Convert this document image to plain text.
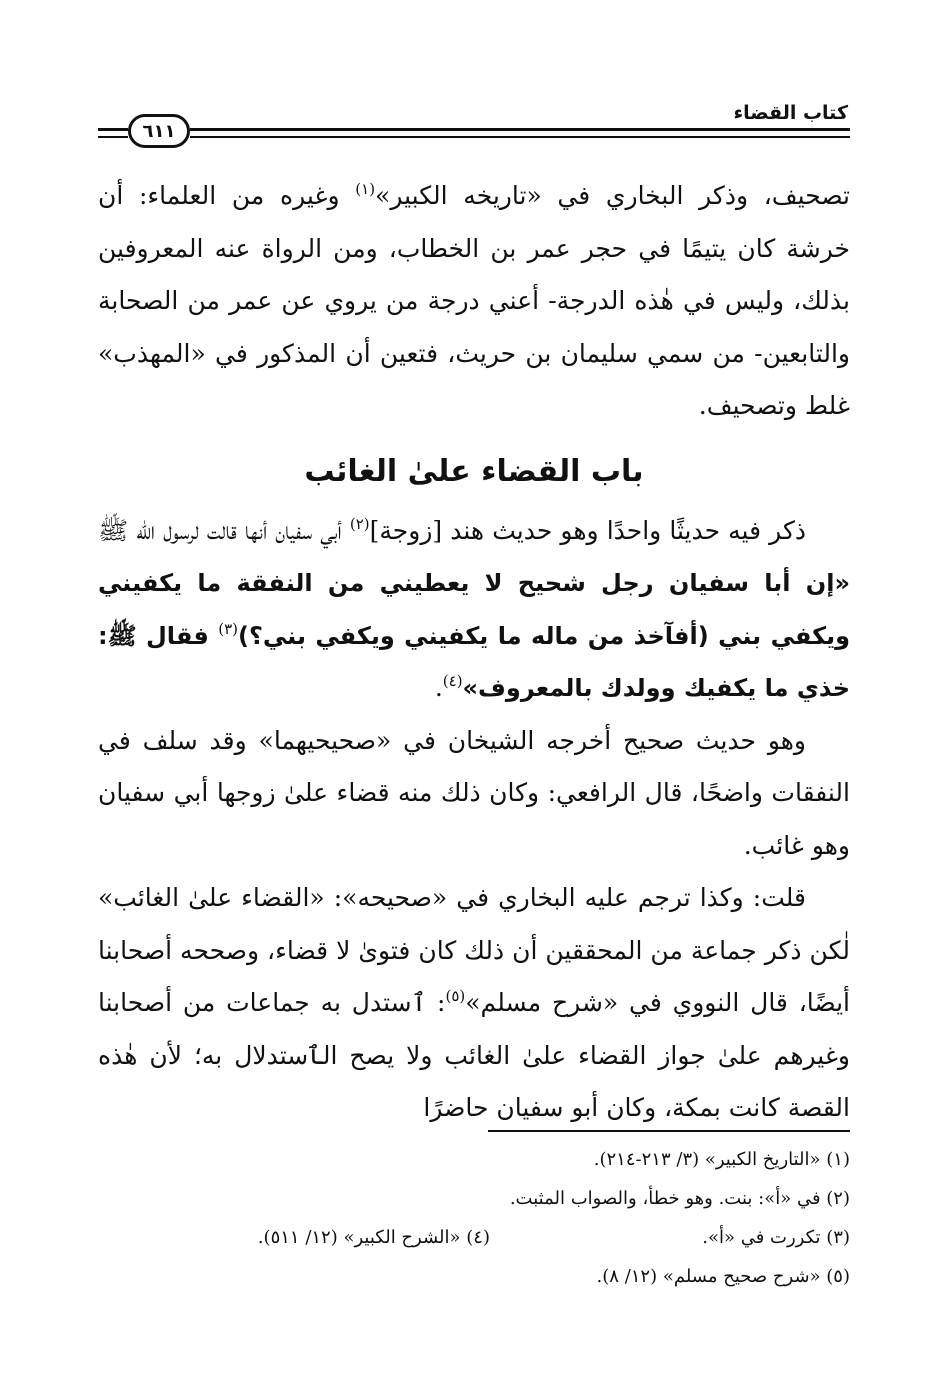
كتاب القضاء
٦١١

تصحيف، وذكر البخاري في «تاريخه الكبير»$^{(١)}$ وغيره من العلماء: أن خرشة كان يتيمًا في حجر عمر بن الخطاب، ومن الرواة عنه المعروفين بذلك، وليس في هٰذه الدرجة- أعني درجة من يروي عن عمر من الصحابة والتابعين- من سمي سليمان بن حريث، فتعين أن المذكور في «المهذب» غلط وتصحيف.

باب القضاء علىٰ الغائب

ذكر فيه حديثًا واحدًا وهو حديث هند [زوجة]$^{(٢)}$ أبي سفيان أنها قالت لرسول الله ﷺ «إن أبا سفيان رجل شحيح لا يعطيني من النفقة ما يكفيني ويكفي بني (أفآخذ من ماله ما يكفيني ويكفي بني؟)$^{(٣)}$ فقال ﷺ: خذي ما يكفيك وولدك بالمعروف»$^{(٤)}$.

وهو حديث صحيح أخرجه الشيخان في «صحيحيهما» وقد سلف في النفقات واضحًا، قال الرافعي: وكان ذلك منه قضاء علىٰ زوجها أبي سفيان وهو غائب.

قلت: وكذا ترجم عليه البخاري في «صحيحه»: «القضاء علىٰ الغائب» لٰكن ذكر جماعة من المحققين أن ذلك كان فتوىٰ لا قضاء، وصححه أصحابنا أيضًا، قال النووي في «شرح مسلم»$^{(٥)}$: ٱستدل به جماعات من أصحابنا وغيرهم علىٰ جواز القضاء علىٰ الغائب ولا يصح الٱستدلال به؛ لأن هٰذه القصة كانت بمكة، وكان أبو سفيان حاضرًا

(١) «التاريخ الكبير» (٣/ ٢١٣-٢١٤).
(٢) في «أ»: بنت. وهو خطأ، والصواب المثبت.
(٣) تكررت في «أ».
(٤) «الشرح الكبير» (١٢/ ٥١١).
(٥) «شرح صحيح مسلم» (١٢/ ٨).
